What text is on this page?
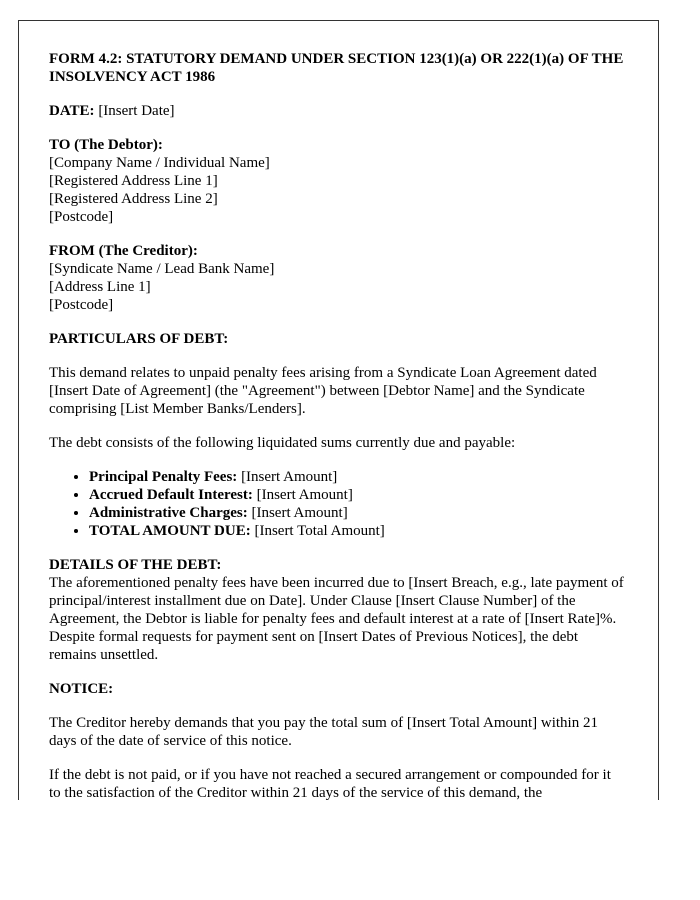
FORM 4.2: STATUTORY DEMAND UNDER SECTION 123(1)(a) OR 222(1)(a) OF THE INSOLVENCY ACT 1986
DATE: [Insert Date]
TO (The Debtor):
[Company Name / Individual Name]
[Registered Address Line 1]
[Registered Address Line 2]
[Postcode]
FROM (The Creditor):
[Syndicate Name / Lead Bank Name]
[Address Line 1]
[Postcode]
PARTICULARS OF DEBT:

This demand relates to unpaid penalty fees arising from a Syndicate Loan Agreement dated [Insert Date of Agreement] (the "Agreement") between [Debtor Name] and the Syndicate comprising [List Member Banks/Lenders].

The debt consists of the following liquidated sums currently due and payable:

• Principal Penalty Fees: [Insert Amount]
• Accrued Default Interest: [Insert Amount]
• Administrative Charges: [Insert Amount]
• TOTAL AMOUNT DUE: [Insert Total Amount]
DETAILS OF THE DEBT:
The aforementioned penalty fees have been incurred due to [Insert Breach, e.g., late payment of principal/interest installment due on Date]. Under Clause [Insert Clause Number] of the Agreement, the Debtor is liable for penalty fees and default interest at a rate of [Insert Rate]%. Despite formal requests for payment sent on [Insert Dates of Previous Notices], the debt remains unsettled.
NOTICE:

The Creditor hereby demands that you pay the total sum of [Insert Total Amount] within 21 days of the date of service of this notice.

If the debt is not paid, or if you have not reached a secured arrangement or compounded for it to the satisfaction of the Creditor within 21 days of the service of this demand, the
